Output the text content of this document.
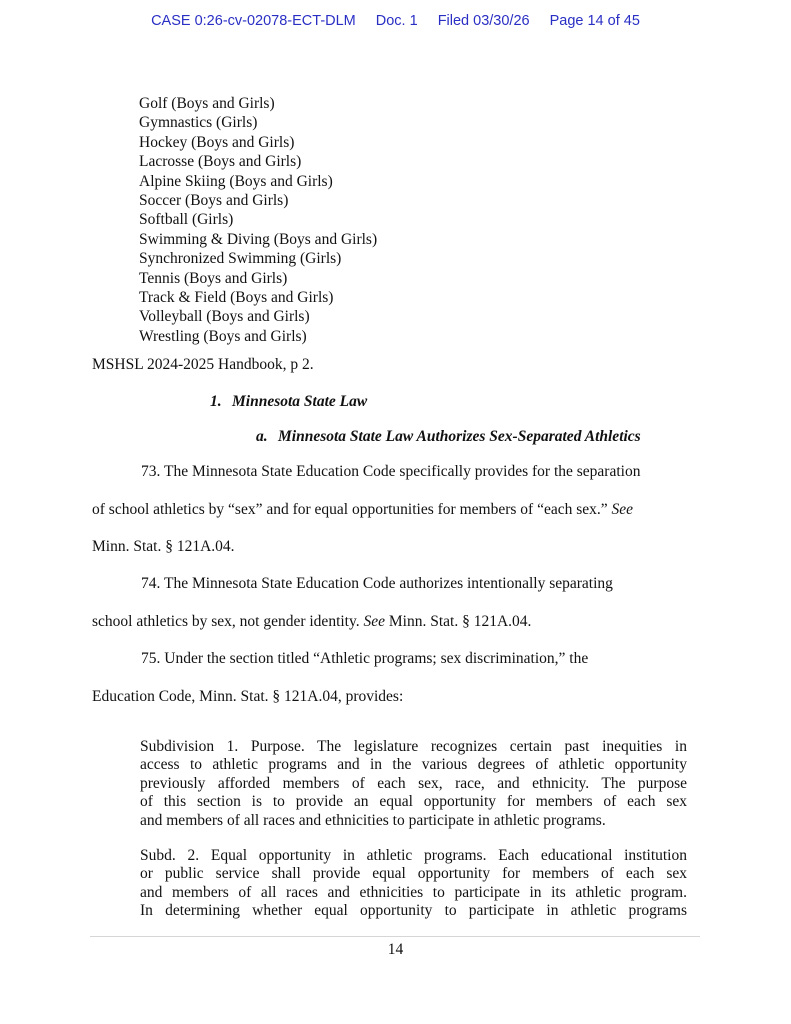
CASE 0:26-cv-02078-ECT-DLM Doc. 1 Filed 03/30/26 Page 14 of 45
Golf (Boys and Girls)
Gymnastics (Girls)
Hockey (Boys and Girls)
Lacrosse (Boys and Girls)
Alpine Skiing (Boys and Girls)
Soccer (Boys and Girls)
Softball (Girls)
Swimming & Diving (Boys and Girls)
Synchronized Swimming (Girls)
Tennis (Boys and Girls)
Track & Field (Boys and Girls)
Volleyball (Boys and Girls)
Wrestling (Boys and Girls)
MSHSL 2024-2025 Handbook, p 2.
1. Minnesota State Law
a. Minnesota State Law Authorizes Sex-Separated Athletics
73. The Minnesota State Education Code specifically provides for the separation
of school athletics by “sex” and for equal opportunities for members of “each sex.” See
Minn. Stat. § 121A.04.
74. The Minnesota State Education Code authorizes intentionally separating
school athletics by sex, not gender identity. See Minn. Stat. § 121A.04.
75. Under the section titled “Athletic programs; sex discrimination,” the
Education Code, Minn. Stat. § 121A.04, provides:
Subdivision 1. Purpose. The legislature recognizes certain past inequities in
access to athletic programs and in the various degrees of athletic opportunity
previously afforded members of each sex, race, and ethnicity. The purpose
of this section is to provide an equal opportunity for members of each sex
and members of all races and ethnicities to participate in athletic programs.
Subd. 2. Equal opportunity in athletic programs. Each educational institution
or public service shall provide equal opportunity for members of each sex
and members of all races and ethnicities to participate in its athletic program.
In determining whether equal opportunity to participate in athletic programs
14
